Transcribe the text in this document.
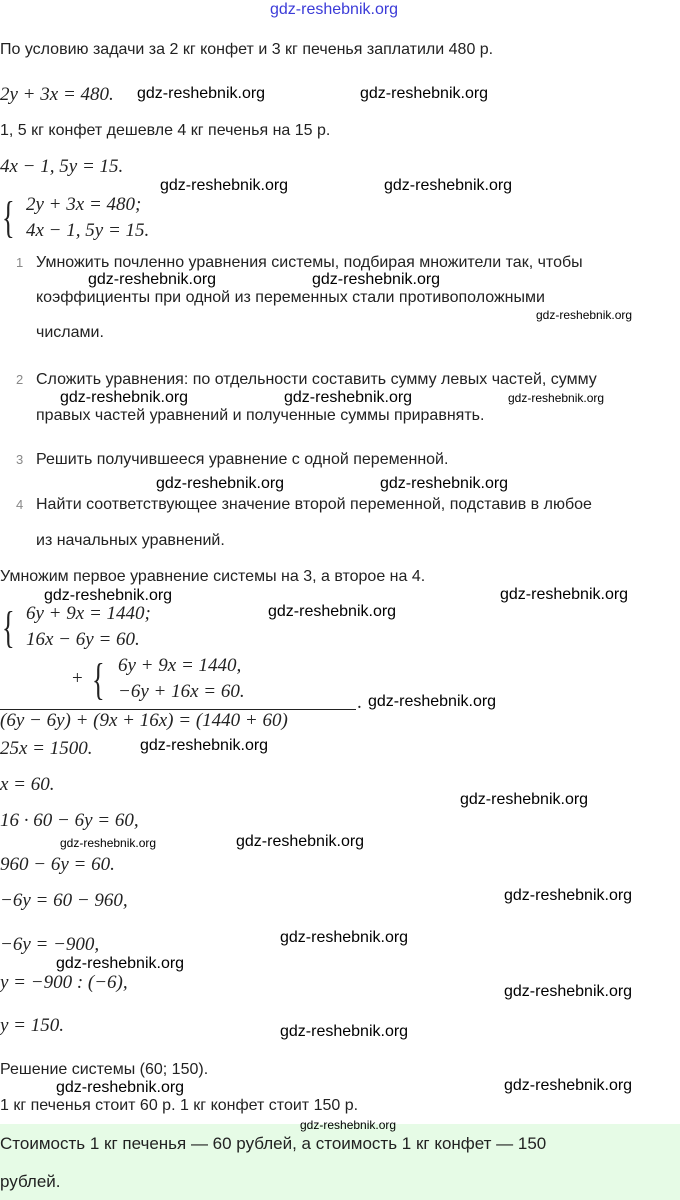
По условию задачи за 2 кг конфет и 3 кг печенья заплатили 480 р.
2y + 3x = 480.
1, 5 кг конфет дешевле 4 кг печенья на 15 р.
4x − 1, 5y = 15.
{ 2y + 3x = 480;
4x − 1, 5y = 15.
1 Умножить почленно уравнения системы, подбирая множители так, чтобы
коэффициенты при одной из переменных стали противоположными
числами.
2 Сложить уравнения: по отдельности составить сумму левых частей, сумму
правых частей уравнений и полученные суммы приравнять.
3 Решить получившееся уравнение с одной переменной.
4 Найти соответствующее значение второй переменной, подставив в любое
из начальных уравнений.
Умножим первое уравнение системы на 3, а второе на 4.
{ 6y + 9x = 1440;
16x − 6y = 60.
+ { 6y + 9x = 1440,
−6y + 16x = 60.
(6y − 6y) + (9x + 16x) = (1440 + 60)
.
25x = 1500.
x = 60.
16 · 60 − 6y = 60,
960 − 6y = 60.
−6y = 60 − 960,
−6y = −900,
y = −900 : (−6),
y = 150.
Решение системы (60; 150).
1 кг печенья стоит 60 р. 1 кг конфет стоит 150 р.
Стоимость 1 кг печенья — 60 рублей, а стоимость 1 кг конфет — 150
рублей.
gdz-reshebnik.org
gdz-reshebnik.org	gdz-reshebnik.org
gdz-reshebnik.org	gdz-reshebnik.org
gdz-reshebnik.org	gdz-reshebnik.org
gdz-reshebnik.org
gdz-reshebnik.org	gdz-reshebnik.org	gdz-reshebnik.org
gdz-reshebnik.org	gdz-reshebnik.org
gdz-reshebnik.org
gdz-reshebnik.org
gdz-reshebnik.org
gdz-reshebnik.org
gdz-reshebnik.org
gdz-reshebnik.org
gdz-reshebnik.org	gdz-reshebnik.org
gdz-reshebnik.org
gdz-reshebnik.org
gdz-reshebnik.org
gdz-reshebnik.org
gdz-reshebnik.org
gdz-reshebnik.org	gdz-reshebnik.org
gdz-reshebnik.org
